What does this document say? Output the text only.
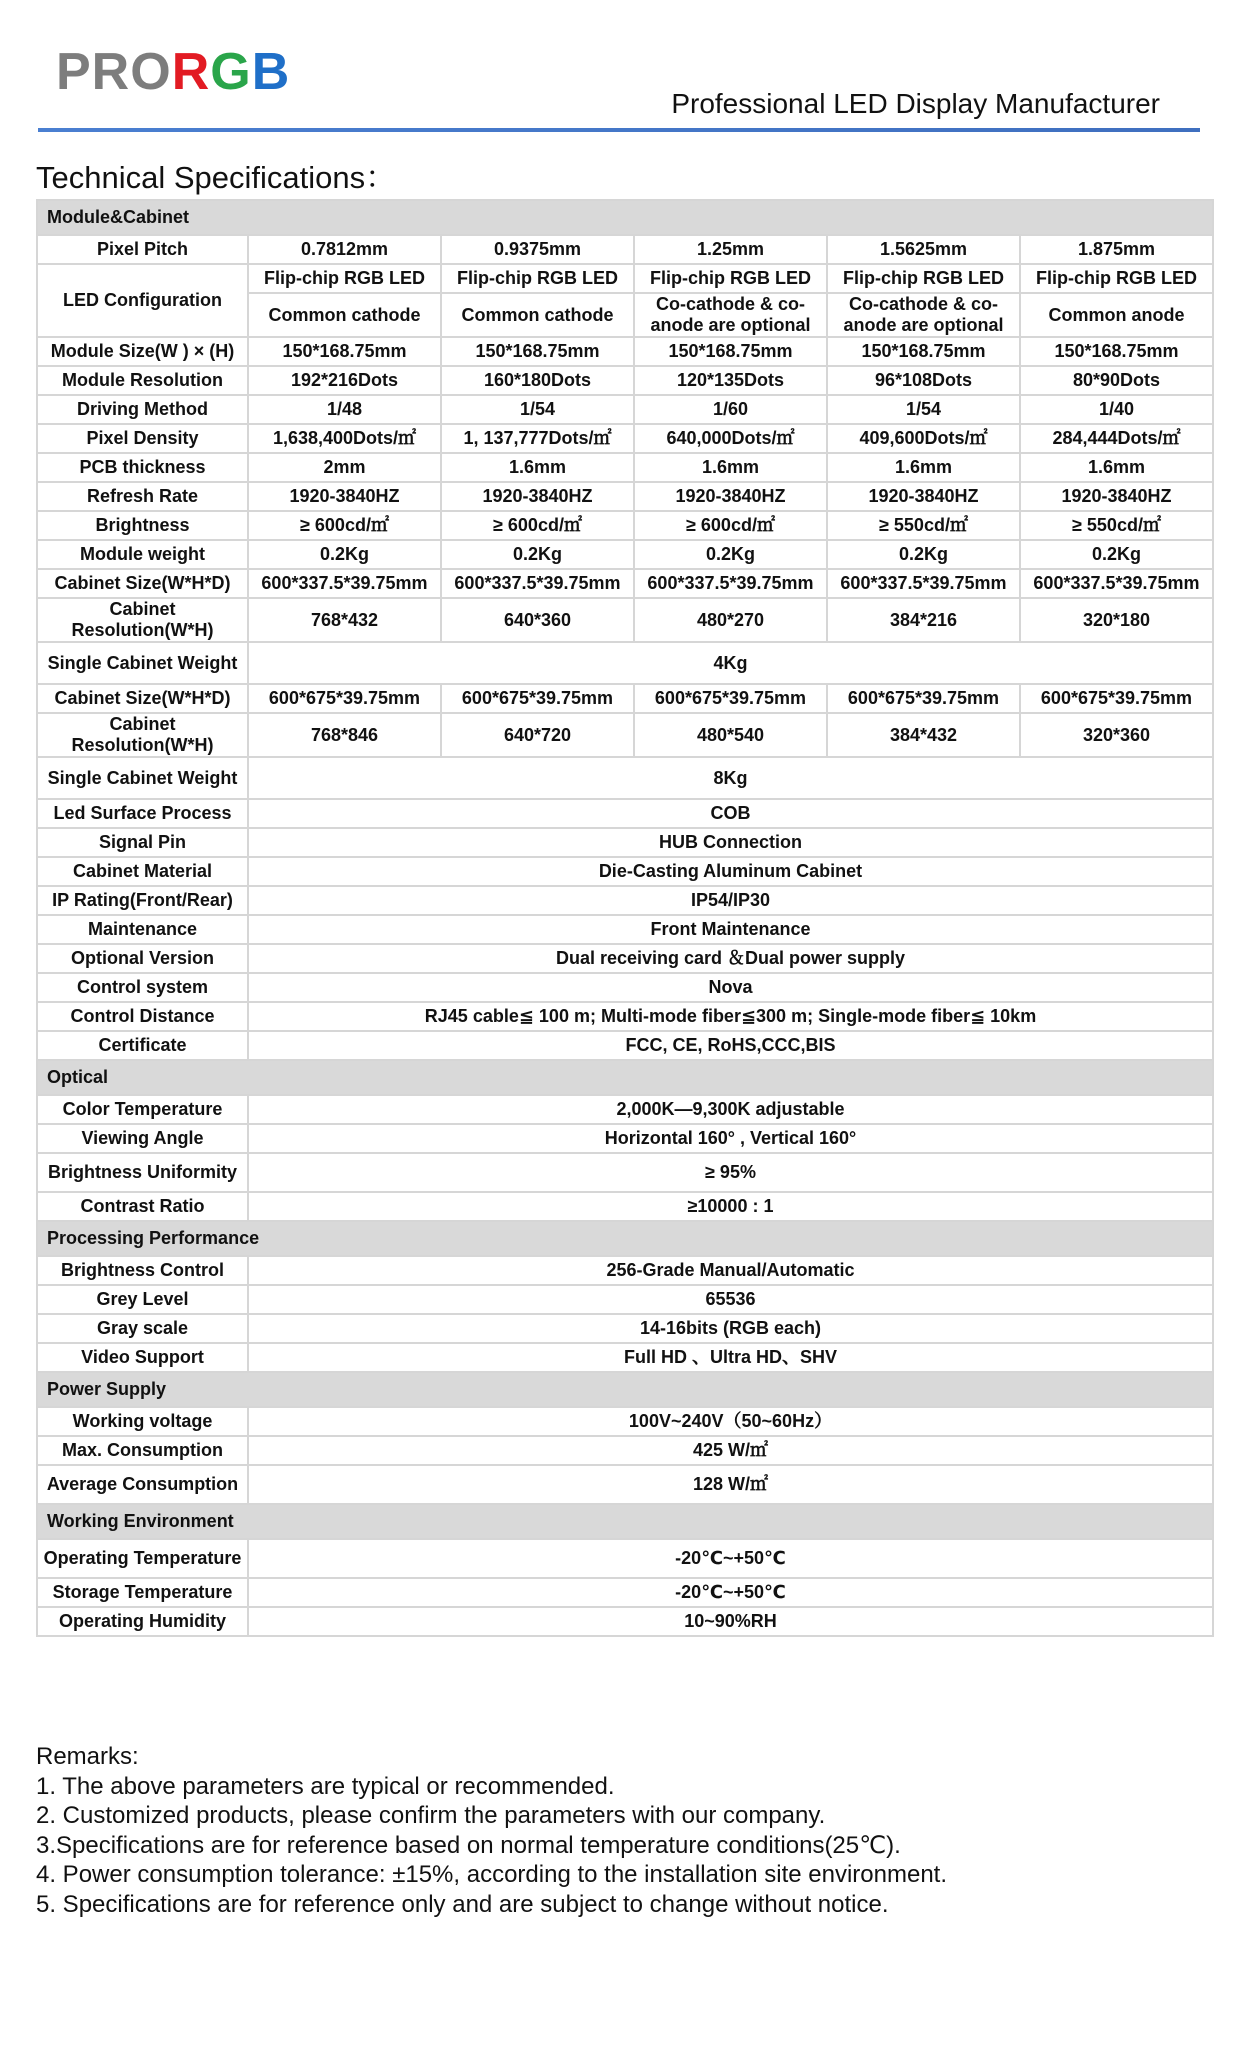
PRORGB
Professional LED Display Manufacturer
Technical Specifications：
Module&Cabinet					
Pixel Pitch	0.7812mm	0.9375mm	1.25mm	1.5625mm	1.875mm
LED Configuration	Flip-chip RGB LED	Flip-chip RGB LED	Flip-chip RGB LED	Flip-chip RGB LED	Flip-chip RGB LED
	Common cathode	Common cathode	Co-cathode & co-anode are optional	Co-cathode & co-anode are optional	Common anode
Module Size(W ) × (H)	150*168.75mm	150*168.75mm	150*168.75mm	150*168.75mm	150*168.75mm
Module Resolution	192*216Dots	160*180Dots	120*135Dots	96*108Dots	80*90Dots
Driving Method	1/48	1/54	1/60	1/54	1/40
Pixel Density	1,638,400Dots/㎡	1, 137,777Dots/㎡	640,000Dots/㎡	409,600Dots/㎡	284,444Dots/㎡
PCB thickness	2mm	1.6mm	1.6mm	1.6mm	1.6mm
Refresh Rate	1920-3840HZ	1920-3840HZ	1920-3840HZ	1920-3840HZ	1920-3840HZ
Brightness	≥ 600cd/㎡	≥ 600cd/㎡	≥ 600cd/㎡	≥ 550cd/㎡	≥ 550cd/㎡
Module weight	0.2Kg	0.2Kg	0.2Kg	0.2Kg	0.2Kg
Cabinet Size(W*H*D)	600*337.5*39.75mm	600*337.5*39.75mm	600*337.5*39.75mm	600*337.5*39.75mm	600*337.5*39.75mm
Cabinet Resolution(W*H)	768*432	640*360	480*270	384*216	320*180
Single Cabinet Weight	4Kg				
Cabinet Size(W*H*D)	600*675*39.75mm	600*675*39.75mm	600*675*39.75mm	600*675*39.75mm	600*675*39.75mm
Cabinet Resolution(W*H)	768*846	640*720	480*540	384*432	320*360
Single Cabinet Weight	8Kg				
Led Surface Process	COB				
Signal Pin	HUB Connection				
Cabinet Material	Die-Casting Aluminum Cabinet				
IP Rating(Front/Rear)	IP54/IP30				
Maintenance	Front Maintenance				
Optional Version	Dual receiving card ＆Dual power supply				
Control system	Nova				
Control Distance	RJ45 cable≦ 100 m; Multi-mode fiber≦300 m; Single-mode fiber≦ 10km				
Certificate	FCC, CE, RoHS,CCC,BIS				
Optical					
Color Temperature	2,000K—9,300K adjustable				
Viewing Angle	Horizontal 160° , Vertical 160°				
Brightness Uniformity	≥ 95%				
Contrast Ratio	≥10000 : 1				
Processing Performance					
Brightness Control	256-Grade Manual/Automatic				
Grey Level	65536				
Gray scale	14-16bits (RGB each)				
Video Support	Full HD 、Ultra HD、SHV				
Power Supply					
Working voltage	100V~240V（50~60Hz）				
Max. Consumption	425 W/㎡				
Average Consumption	128 W/㎡				
Working Environment					
Operating Temperature	-20℃~+50℃				
Storage Temperature	-20℃~+50℃				
Operating Humidity	10~90%RH				
Remarks:
1. The above parameters are typical or recommended.
2. Customized products, please confirm the parameters with our company.
3.Specifications are for reference based on normal temperature conditions(25℃).
4. Power consumption tolerance: ±15%, according to the installation site environment.
5. Specifications are for reference only and are subject to change without notice.
